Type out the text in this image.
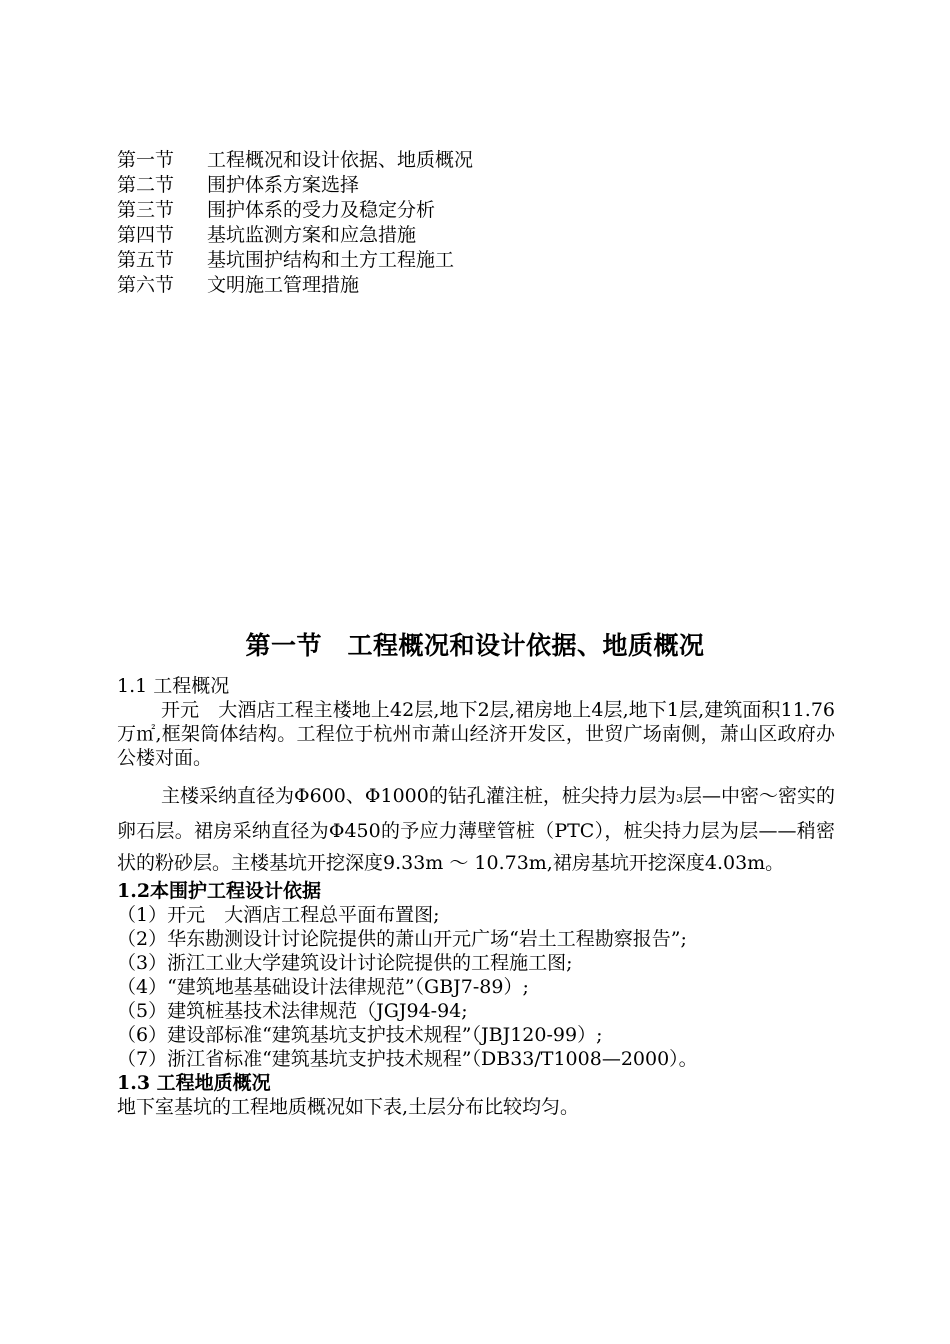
第一节 工程概况和设计依据、地质概况
第二节 围护体系方案选择
第三节 围护体系的受力及稳定分析
第四节 基坑监测方案和应急措施
第五节 基坑围护结构和土方工程施工
第六节 文明施工管理措施
第一节　工程概况和设计依据、地质概况
1.1 工程概况
开元　大酒店工程主楼地上42层,地下2层,裙房地上4层,地下1层,建筑面积11.76万㎡,框架筒体结构。工程位于杭州市萧山经济开发区，世贸广场南侧，萧山区政府办公楼对面。
主楼采纳直径为Φ600、Φ1000的钻孔灌注桩，桩尖持力层为3层—中密～密实的卵石层。裙房采纳直径为Φ450的予应力薄壁管桩（PTC），桩尖持力层为层——稍密状的粉砂层。主楼基坑开挖深度9.33m ～ 10.73m,裙房基坑开挖深度4.03m。
1.2本围护工程设计依据
（1）开元　大酒店工程总平面布置图;
（2）华东勘测设计讨论院提供的萧山开元广场“岩土工程勘察报告”;
（3）浙江工业大学建筑设计讨论院提供的工程施工图;
（4）“建筑地基基础设计法律规范”（GBJ7-89）;
（5）建筑桩基技术法律规范（JGJ94-94;
（6）建设部标准“建筑基坑支护技术规程”（JBJ120-99）;
（7）浙江省标准“建筑基坑支护技术规程”（DB33/T1008—2000）。
1.3 工程地质概况
地下室基坑的工程地质概况如下表,土层分布比较均匀。
